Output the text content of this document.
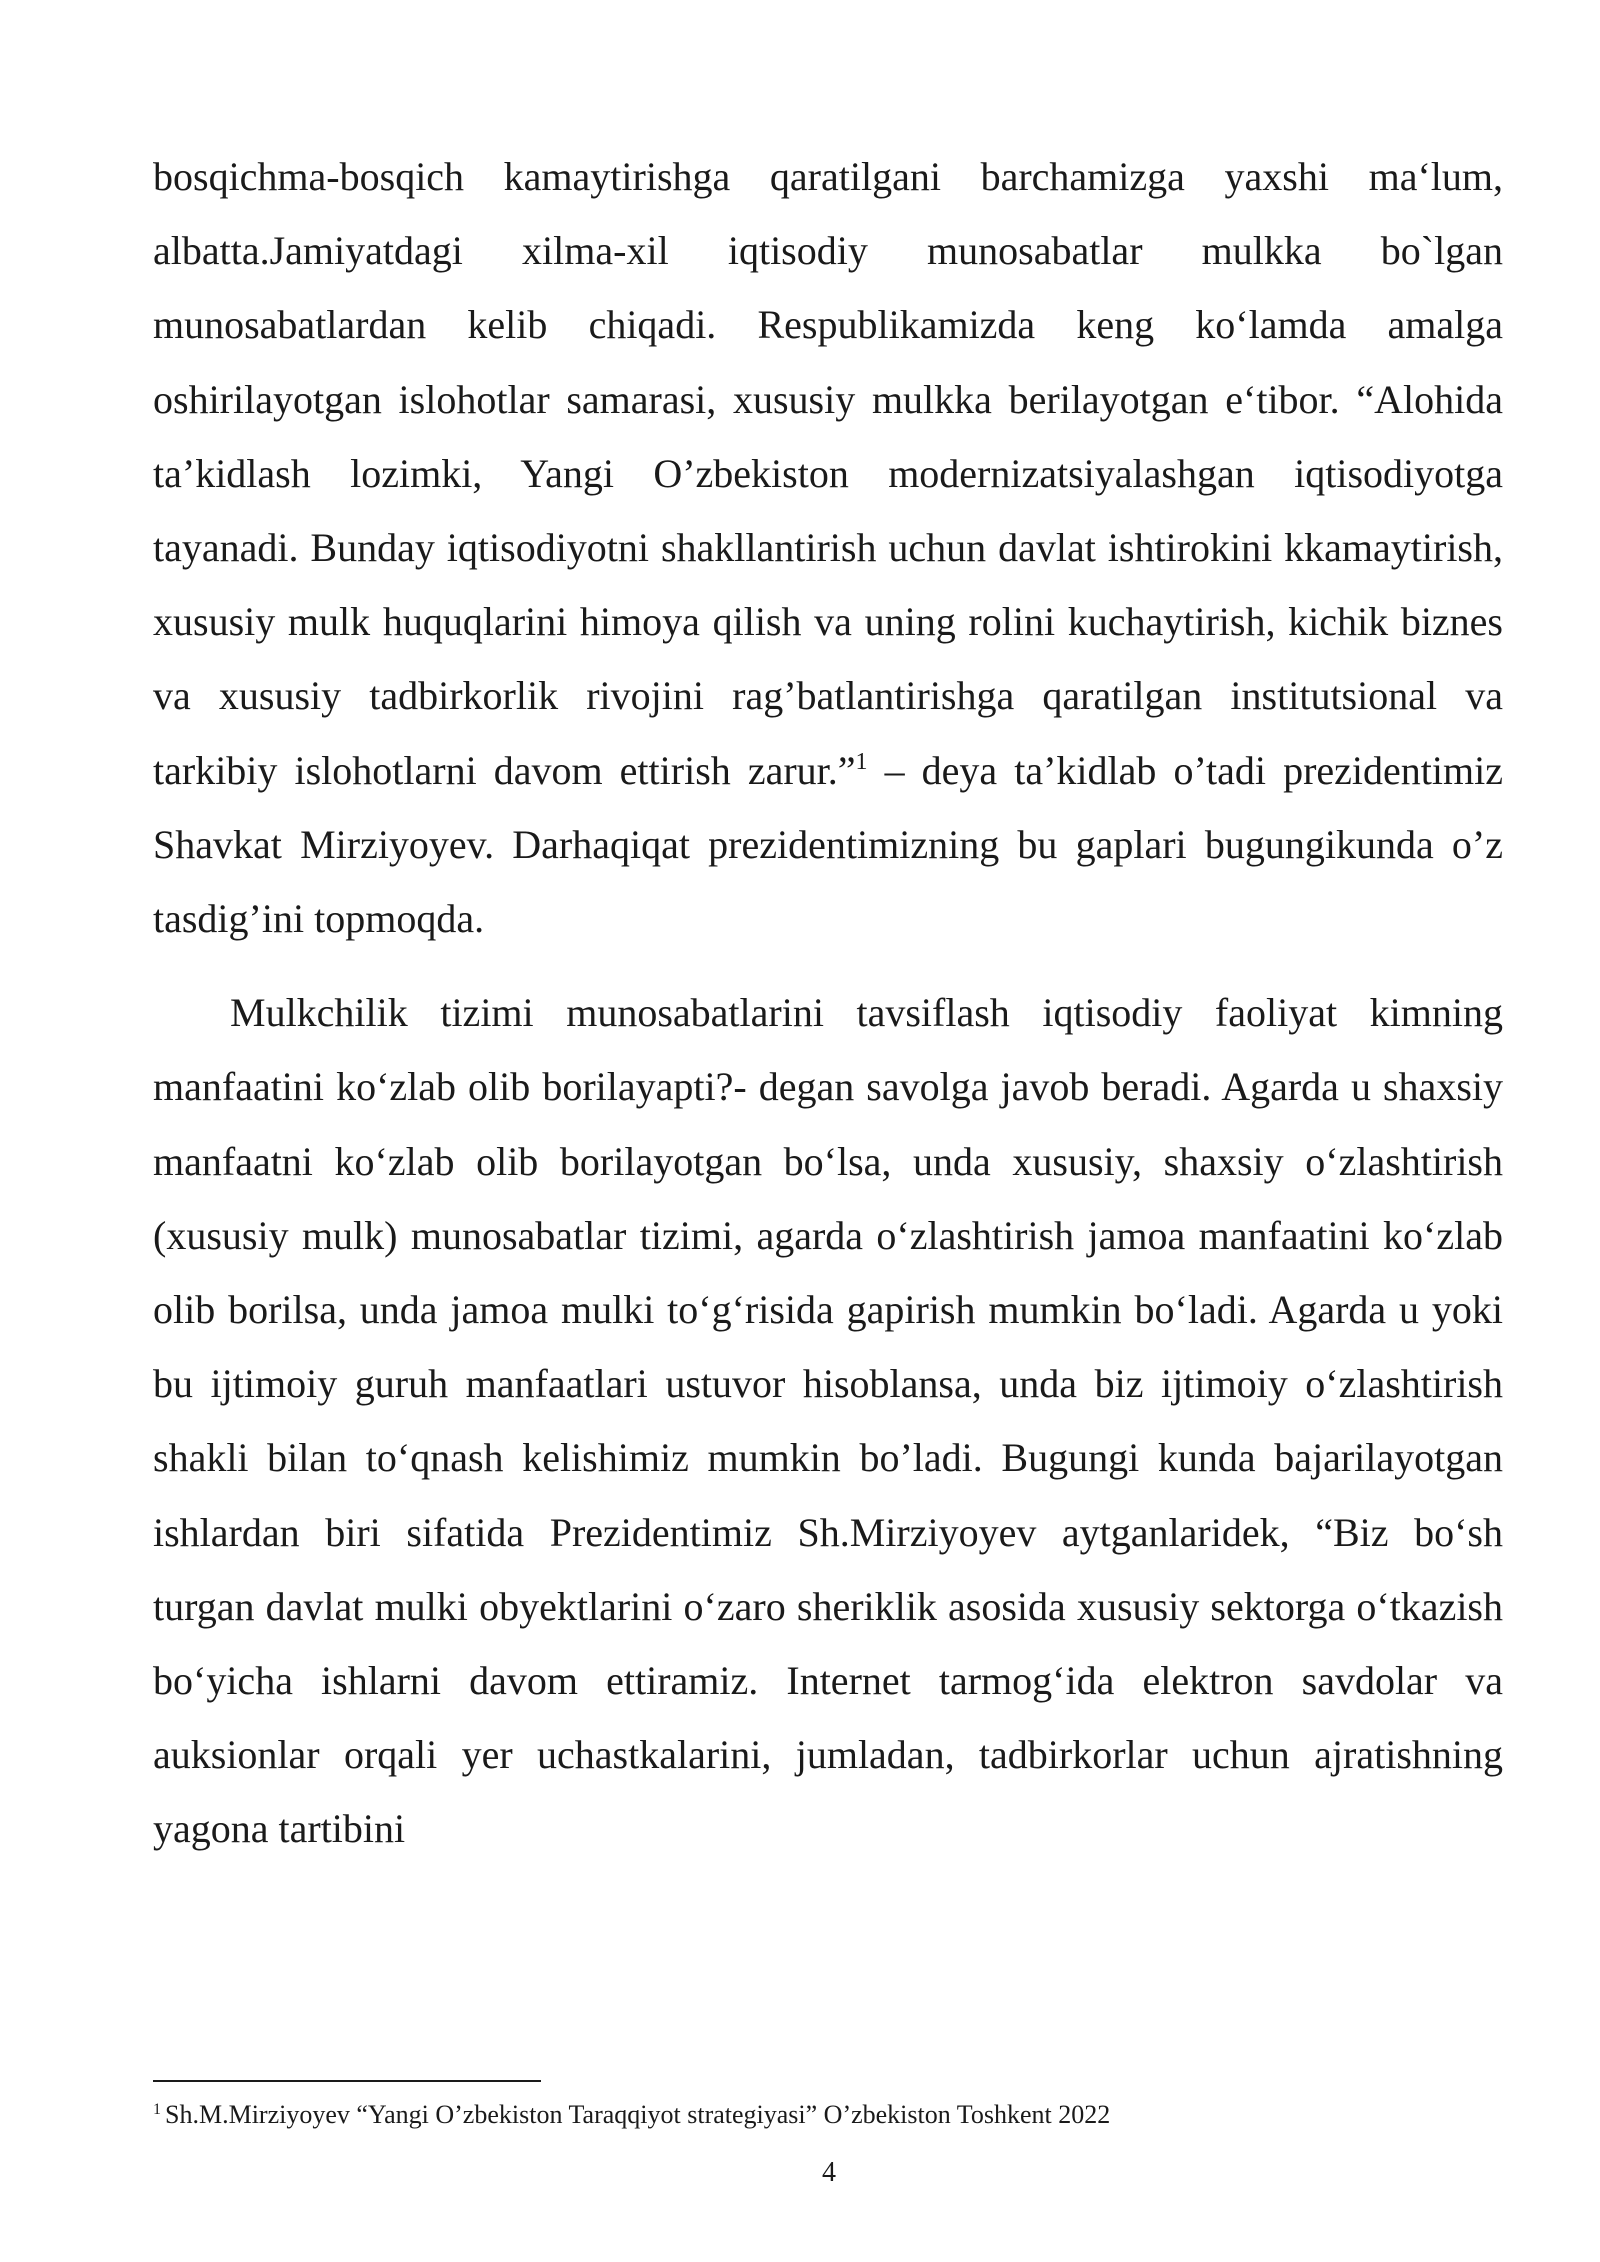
bosqichma-bosqich kamaytirishga qaratilgani barchamizga yaxshi ma‘lum, albatta.Jamiyatdagi xilma-xil iqtisodiy munosabatlar mulkka bo`lgan munosabatlardan kelib chiqadi. Respublikamizda keng ko‘lamda amalga oshirilayotgan islohotlar samarasi, xususiy mulkka berilayotgan e‘tibor. “Alohida ta’kidlash lozimki, Yangi O’zbekiston modernizatsiyalashgan iqtisodiyotga tayanadi. Bunday iqtisodiyotni shakllantirish uchun davlat ishtirokini kkamaytirish, xususiy mulk huquqlarini himoya qilish va uning rolini kuchaytirish, kichik biznes va xususiy tadbirkorlik rivojini rag’batlantirishga qaratilgan institutsional va tarkibiy islohotlarni davom ettirish zarur.”$^1$ – deya ta’kidlab o’tadi prezidentimiz Shavkat Mirziyoyev. Darhaqiqat prezidentimizning bu gaplari bugungikunda o’z tasdig’ini topmoqda.

Mulkchilik tizimi munosabatlarini tavsiflash iqtisodiy faoliyat kimning manfaatini ko‘zlab olib borilayapti?- degan savolga javob beradi. Agarda u shaxsiy manfaatni ko‘zlab olib borilayotgan bo‘lsa, unda xususiy, shaxsiy o‘zlashtirish (xususiy mulk) munosabatlar tizimi, agarda o‘zlashtirish jamoa manfaatini ko‘zlab olib borilsa, unda jamoa mulki to‘g‘risida gapirish mumkin bo‘ladi. Agarda u yoki bu ijtimoiy guruh manfaatlari ustuvor hisoblansa, unda biz ijtimoiy o‘zlashtirish shakli bilan to‘qnash kelishimiz mumkin bo’ladi. Bugungi kunda bajarilayotgan ishlardan biri sifatida Prezidentimiz Sh.Mirziyoyev aytganlaridek, “Biz bo‘sh turgan davlat mulki obyektlarini o‘zaro sheriklik asosida xususiy sektorga o‘tkazish bo‘yicha ishlarni davom ettiramiz. Internet tarmog‘ida elektron savdolar va auksionlar orqali yer uchastkalarini, jumladan, tadbirkorlar uchun ajratishning yagona tartibini

$^1$ Sh.M.Mirziyoyev “Yangi O’zbekiston Taraqqiyot strategiyasi” O’zbekiston Toshkent 2022
4
